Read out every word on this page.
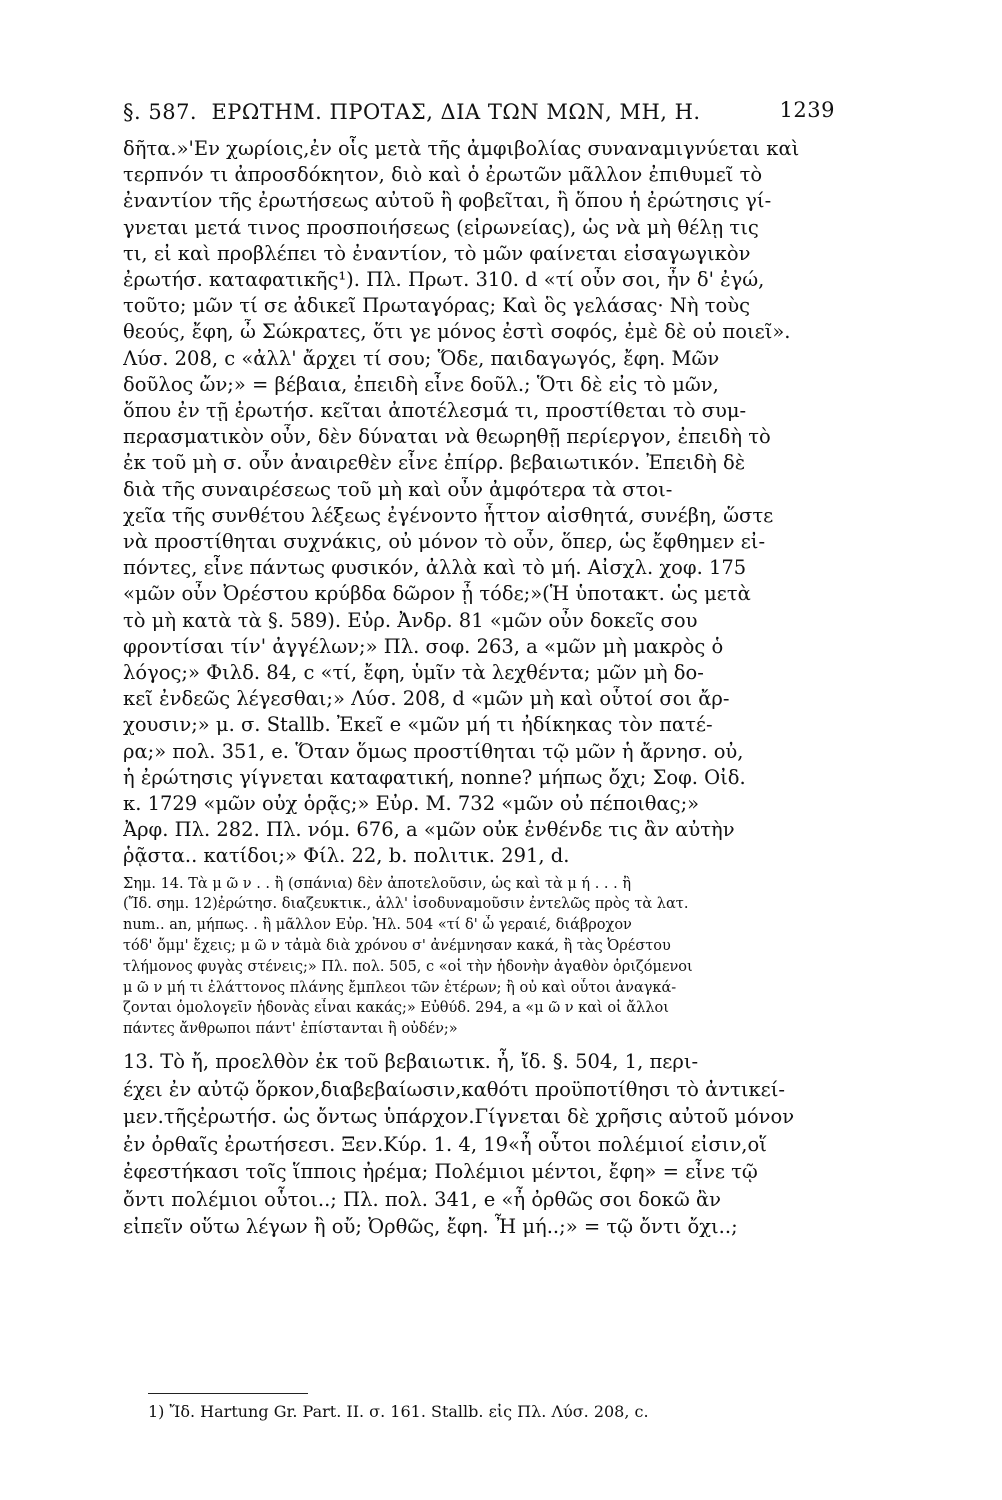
§. 587. ΕΡΩΤΗΜ. ΠΡΟΤΑΣ, ΔΙΑ ΤΩΝ ΜΩΝ, ΜΗ, Η.	1239
δῆτα.»'Εν χωρίοις,ἐν οἷς μετὰ τῆς ἀμφιβολίας συναναμιγνύεται καὶ
τερπνόν τι ἀπροσδόκητον, διὸ καὶ ὁ ἐρωτῶν μᾶλλον ἐπιθυμεῖ τὸ
ἐναντίον τῆς ἐρωτήσεως αὐτοῦ ἢ φοβεῖται, ἢ ὅπου ἡ ἐρώτησις γί-
γνεται μετά τινος προσποιήσεως (εἰρωνείας), ὡς νὰ μὴ θέλῃ τις
τι, εἰ καὶ προβλέπει τὸ ἐναντίον, τὸ μῶν φαίνεται εἰσαγωγικὸν
ἐρωτήσ. καταφατικῆς¹). Πλ. Πρωτ. 310. d «τί οὖν σοι, ἦν δ' ἐγώ,
τοῦτο; μῶν τί σε ἀδικεῖ Πρωταγόρας; Καὶ ὃς γελάσας· Νὴ τοὺς
θεούς, ἔφη, ὦ Σώκρατες, ὅτι γε μόνος ἐστὶ σοφός, ἐμὲ δὲ οὐ ποιεῖ».
Λύσ. 208, c «ἀλλ' ἄρχει τί σου; Ὅδε, παιδαγωγός, ἔφη. Μῶν
δοῦλος ὤν;» = βέβαια, ἐπειδὴ εἶνε δοῦλ.; Ὅτι δὲ εἰς τὸ μῶν,
ὅπου ἐν τῇ ἐρωτήσ. κεῖται ἀποτέλεσμά τι, προστίθεται τὸ συμ-
περασματικὸν οὖν, δὲν δύναται νὰ θεωρηθῇ περίεργον, ἐπειδὴ τὸ
ἐκ τοῦ μὴ σ. οὖν ἀναιρεθὲν εἶνε ἐπίρρ. βεβαιωτικόν. Ἐπειδὴ δὲ
διὰ τῆς συναιρέσεως τοῦ μὴ καὶ οὖν ἀμφότερα τὰ στοι-
χεῖα τῆς συνθέτου λέξεως ἐγένοντο ἧττον αἰσθητά, συνέβη, ὥστε
νὰ προστίθηται συχνάκις, οὐ μόνον τὸ οὖν, ὅπερ, ὡς ἔφθημεν εἰ-
πόντες, εἶνε πάντως φυσικόν, ἀλλὰ καὶ τὸ μή. Αἰσχλ. χοφ. 175
«μῶν οὖν Ὀρέστου κρύβδα δῶρον ᾖ τόδε;»(Ἡ ὑποτακτ. ὡς μετὰ
τὸ μὴ κατὰ τὰ §. 589). Εὐρ. Ἀνδρ. 81 «μῶν οὖν δοκεῖς σου
φροντίσαι τίν' ἀγγέλων;» Πλ. σοφ. 263, a «μῶν μὴ μακρὸς ὁ
λόγος;» Φιλδ. 84, c «τί, ἔφη, ὑμῖν τὰ λεχθέντα; μῶν μὴ δο-
κεῖ ἐνδεῶς λέγεσθαι;» Λύσ. 208, d «μῶν μὴ καὶ οὗτοί σοι ἄρ-
χουσιν;» μ. σ. Stallb. Ἐκεῖ e «μῶν μή τι ἠδίκηκας τὸν πατέ-
ρα;» πολ. 351, e. Ὅταν ὅμως προστίθηται τῷ μῶν ἡ ἄρνησ. οὐ,
ἡ ἐρώτησις γίγνεται καταφατική, nonne? μήπως ὄχι; Σοφ. Οἰδ.
κ. 1729 «μῶν οὐχ ὁρᾷς;» Εὐρ. Μ. 732 «μῶν οὐ πέποιθας;»
Ἀρφ. Πλ. 282. Πλ. νόμ. 676, a «μῶν οὐκ ἐνθένδε τις ἂν αὐτὴν
ῥᾷστα.. κατίδοι;» Φίλ. 22, b. πολιτικ. 291, d.
Σημ. 14. Τὰ μ ῶ ν . . ἢ (σπάνια) δὲν ἀποτελοῦσιν, ὡς καὶ τὰ μ ή . . . ἢ
(Ἴδ. σημ. 12)ἐρώτησ. διαζευκτικ., ἀλλ' ἰσοδυναμοῦσιν ἐντελῶς πρὸς τὰ λατ.
num.. an, μήπως. . ἢ μᾶλλον Εὐρ. Ἠλ. 504 «τί δ' ὦ γεραιέ, διάβροχον
τόδ' ὄμμ' ἔχεις; μ ῶ ν τἀμὰ διὰ χρόνου σ' ἀνέμνησαν κακά, ἢ τὰς Ὀρέστου
τλήμονος φυγὰς στένεις;» Πλ. πολ. 505, c «οἱ τὴν ἡδονὴν ἀγαθὸν ὁριζόμενοι
μ ῶ ν μή τι ἐλάττονος πλάνης ἔμπλεοι τῶν ἑτέρων; ἢ οὐ καὶ οὗτοι ἀναγκά-
ζονται ὁμολογεῖν ἡδονὰς εἶναι κακάς;» Εὐθύδ. 294, a «μ ῶ ν καὶ οἱ ἄλλοι
πάντες ἄνθρωποι πάντ' ἐπίστανται ἢ οὐδέν;»
13. Τὸ ἤ, προελθὸν ἐκ τοῦ βεβαιωτικ. ἦ, ἴδ. §. 504, 1, περι-
έχει ἐν αὐτῷ ὅρκον,διαβεβαίωσιν,καθότι προϋποτίθησι τὸ ἀντικεί-
μεν.τῆςἐρωτήσ. ὡς ὄντως ὑπάρχον.Γίγνεται δὲ χρῆσις αὐτοῦ μόνον
ἐν ὀρθαῖς ἐρωτήσεσι. Ξεν.Κύρ. 1. 4, 19«ἦ οὗτοι πολέμιοί εἰσιν,οἵ
ἐφεστήκασι τοῖς ἵπποις ἠρέμα; Πολέμιοι μέντοι, ἔφη» = εἶνε τῷ
ὄντι πολέμιοι οὗτοι..; Πλ. πολ. 341, e «ἦ ὀρθῶς σοι δοκῶ ἂν
εἰπεῖν οὕτω λέγων ἢ οὔ; Ὀρθῶς, ἔφη. Ἦ μή..;» = τῷ ὄντι ὄχι..;
1) Ἴδ. Hartung Gr. Part. II. σ. 161. Stallb. εἰς Πλ. Λύσ. 208, c.
